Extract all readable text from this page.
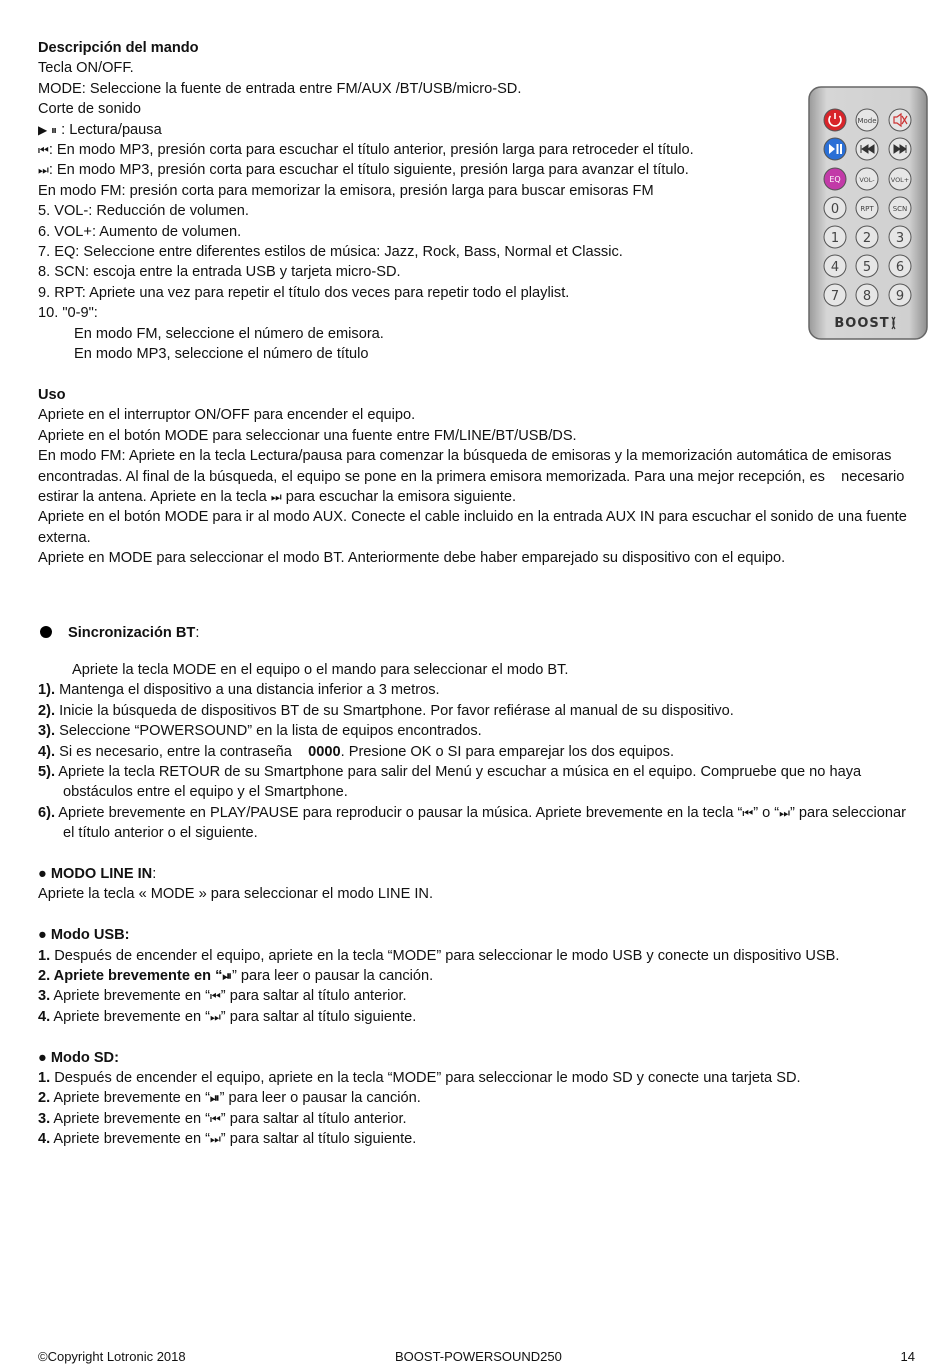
Descripción del mando
Tecla ON/OFF.
MODE: Seleccione la fuente de entrada entre FM/AUX /BT/USB/micro-SD.
Corte de sonido
▶ ⏸ : Lectura/pausa
⏮: En modo MP3, presión corta para escuchar el título anterior, presión larga para retroceder el título.
⏭: En modo MP3, presión corta para escuchar el título siguiente, presión larga para avanzar el título.
En modo FM: presión corta para memorizar la emisora, presión larga para buscar emisoras FM
5. VOL-: Reducción de volumen.
6. VOL+: Aumento de volumen.
7. EQ: Seleccione entre diferentes estilos de música: Jazz, Rock, Bass, Normal et Classic.
8. SCN: escoja entre la entrada USB y tarjeta micro-SD.
9. RPT: Apriete una vez para repetir el título dos veces para repetir todo el playlist.
10. "0-9":
En modo FM, seleccione el número de emisora.
En modo MP3, seleccione el número de título
Uso
Apriete en el interruptor ON/OFF para encender el equipo.
Apriete en el botón MODE para seleccionar una fuente entre FM/LINE/BT/USB/DS.
En modo FM: Apriete en la tecla Lectura/pausa para comenzar la búsqueda de emisoras y la memorización automática de emisoras encontradas. Al final de la búsqueda, el equipo se pone en la primera emisora memorizada. Para una mejor recepción, es    necesario estirar la antena. Apriete en la tecla ⏭ para escuchar la emisora siguiente.
Apriete en el botón MODE para ir al modo AUX. Conecte el cable incluido en la entrada AUX IN para escuchar el sonido de una fuente externa.
Apriete en MODE para seleccionar el modo BT. Anteriormente debe haber emparejado su dispositivo con el equipo.
Sincronización BT:
Apriete la tecla MODE en el equipo o el mando para seleccionar el modo BT.
1). Mantenga el dispositivo a una distancia inferior a 3 metros.
2). Inicie la búsqueda de dispositivos BT de su Smartphone. Por favor refiérase al manual de su dispositivo.
3). Seleccione “POWERSOUND” en la lista de equipos encontrados.
4). Si es necesario, entre la contraseña    0000. Presione OK o SI para emparejar los dos equipos.
5). Apriete la tecla RETOUR de su Smartphone para salir del Menú y escuchar a música en el equipo. Compruebe que no haya obstáculos entre el equipo y el Smartphone.
6). Apriete brevemente en PLAY/PAUSE para reproducir o pausar la música. Apriete brevemente en la tecla “⏮” o “⏭” para seleccionar el título anterior o el siguiente.
● MODO LINE IN:
Apriete la tecla « MODE » para seleccionar el modo LINE IN.
● Modo USB:
1. Después de encender el equipo, apriete en la tecla “MODE” para seleccionar le modo USB y conecte un dispositivo USB.
2. Apriete brevemente en “⏯” para leer o pausar la canción.
3. Apriete brevemente en “⏮” para saltar al título anterior.
4. Apriete brevemente en “⏭” para saltar al título siguiente.
● Modo SD:
1. Después de encender el equipo, apriete en la tecla “MODE” para seleccionar le modo SD y conecte una tarjeta SD.
2. Apriete brevemente en “⏯” para leer o pausar la canción.
3. Apriete brevemente en “⏮” para saltar al título anterior.
4. Apriete brevemente en “⏭” para saltar al título siguiente.
Mode
EQ	VOL- VOL+
0	RPT	SCN
1 2 3
4 5 6
7 8 9
BOOST
©Copyright Lotronic 2018	BOOST-POWERSOUND250	14
